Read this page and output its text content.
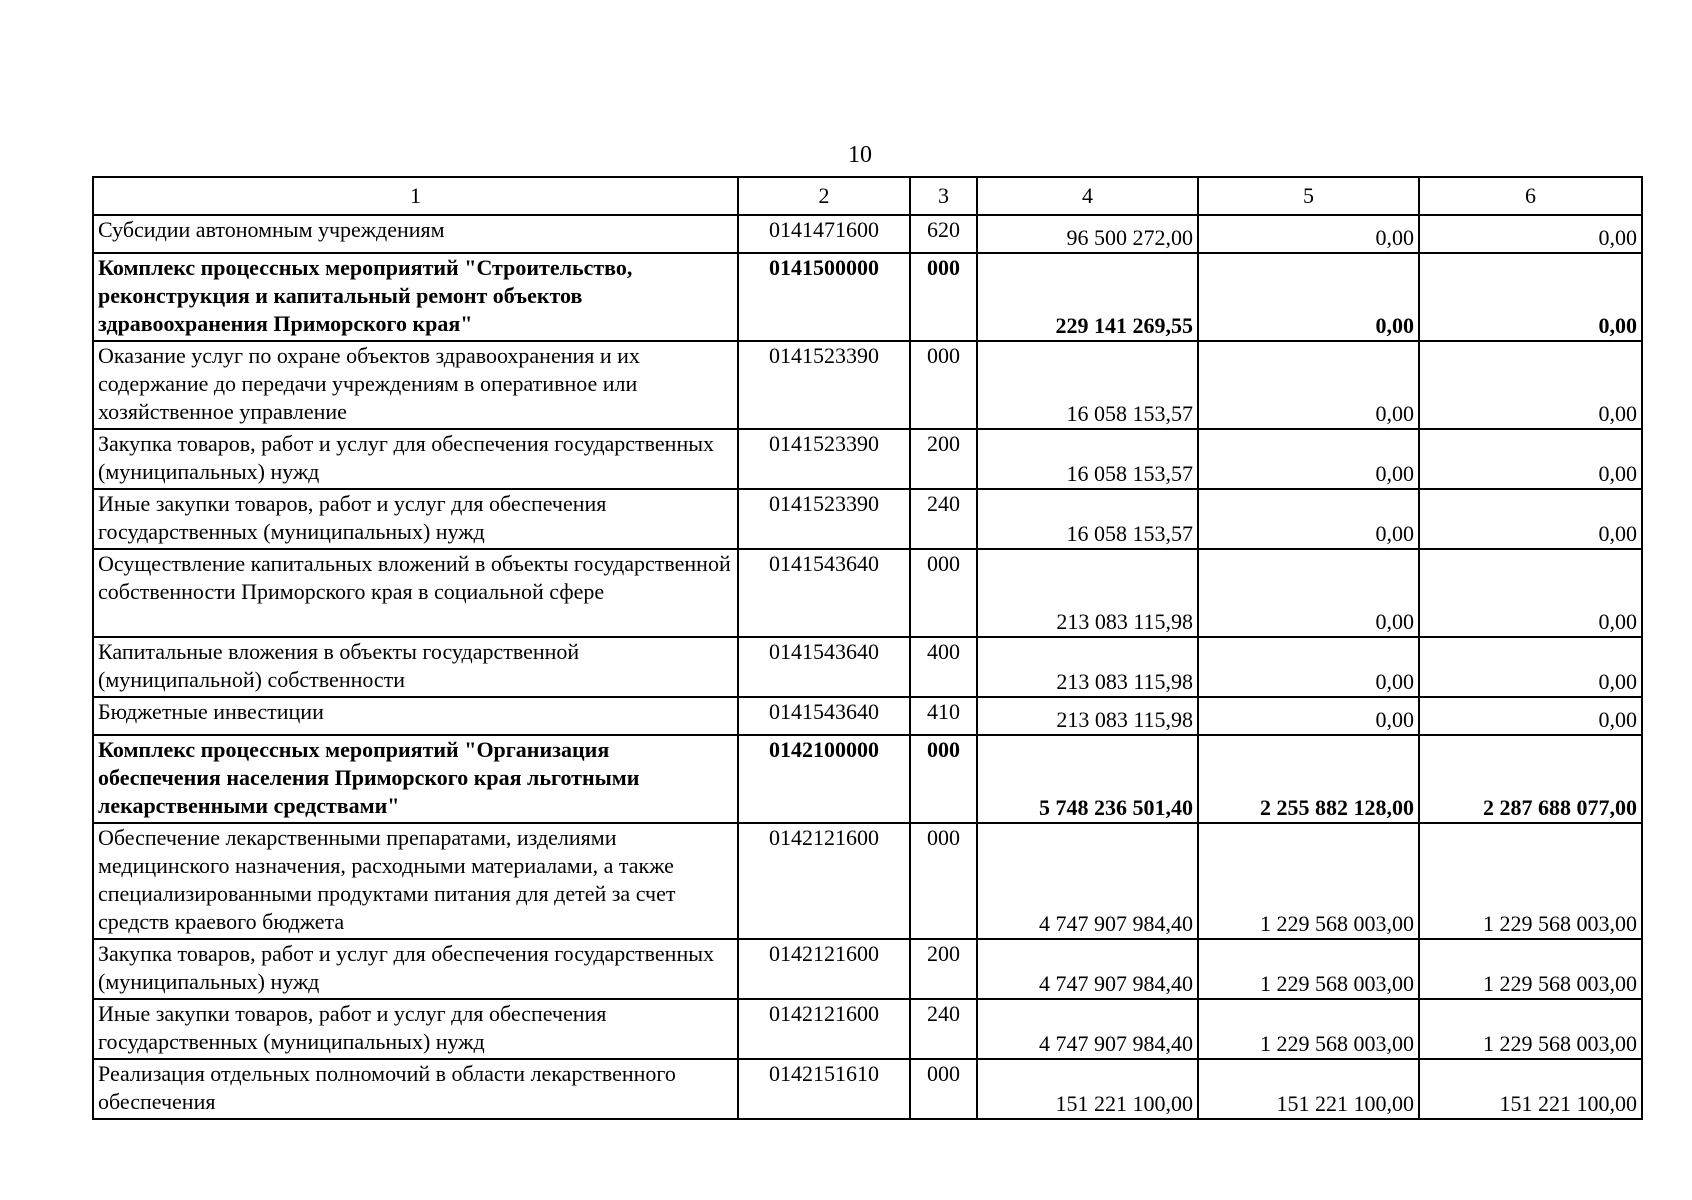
10
1	2	3	4	5	6
Субсидии автономным учреждениям	0141471600	620	96 500 272,00	0,00	0,00
Комплекс процессных мероприятий "Строительство, реконструкция и капитальный ремонт объектов здравоохранения Приморского края"	0141500000	000	229 141 269,55	0,00	0,00
Оказание услуг по охране объектов здравоохранения и их содержание до передачи учреждениям в оперативное или хозяйственное управление	0141523390	000	16 058 153,57	0,00	0,00
Закупка товаров, работ и услуг для обеспечения государственных (муниципальных) нужд	0141523390	200	16 058 153,57	0,00	0,00
Иные закупки товаров, работ и услуг для обеспечения государственных (муниципальных) нужд	0141523390	240	16 058 153,57	0,00	0,00
Осуществление капитальных вложений в объекты государственной собственности Приморского края в социальной сфере	0141543640	000	213 083 115,98	0,00	0,00
Капитальные вложения в объекты государственной (муниципальной) собственности	0141543640	400	213 083 115,98	0,00	0,00
Бюджетные инвестиции	0141543640	410	213 083 115,98	0,00	0,00
Комплекс процессных мероприятий "Организация обеспечения населения Приморского края льготными лекарственными средствами"	0142100000	000	5 748 236 501,40	2 255 882 128,00	2 287 688 077,00
Обеспечение лекарственными препаратами, изделиями медицинского назначения, расходными материалами, а также специализированными продуктами питания для детей за счет средств краевого бюджета	0142121600	000	4 747 907 984,40	1 229 568 003,00	1 229 568 003,00
Закупка товаров, работ и услуг для обеспечения государственных (муниципальных) нужд	0142121600	200	4 747 907 984,40	1 229 568 003,00	1 229 568 003,00
Иные закупки товаров, работ и услуг для обеспечения государственных (муниципальных) нужд	0142121600	240	4 747 907 984,40	1 229 568 003,00	1 229 568 003,00
Реализация отдельных полномочий в области лекарственного обеспечения	0142151610	000	151 221 100,00	151 221 100,00	151 221 100,00
